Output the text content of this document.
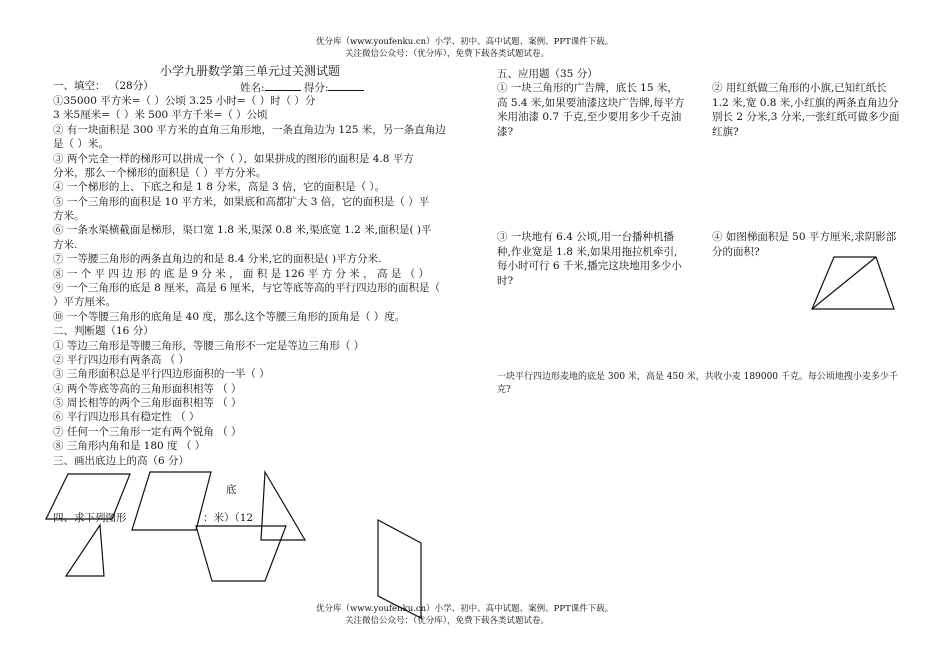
优分库（www.youfenku.cn）小学、初中、高中试题、案例、PPT课件下载。
关注微信公众号：（优分库），免费下载各类试题试卷。
小学九册数学第三单元过关测试题
一、填空： （28分）	姓名:	得分:
①35000 平方米=（ ）公顷 3.25 小时=（ ）时（ ）分
3 米5厘米=（ ）米 500 平方千米=（ ）公顷
② 有一块面积是 300 平方米的直角三角形地，一条直角边为 125 米，另一条直角边
是（ ）米。
③ 两个完全一样的梯形可以拼成一个（ ），如果拼成的图形的面积是 4.8 平方
分米，那么一个梯形的面积是（ ）平方分米。
④ 一个梯形的上、下底之和是 1 8 分米，高是 3 倍，它的面积是（ ）。
⑤ 一个三角形的面积是 10 平方米，如果底和高都扩大 3 倍，它的面积是（ ）平
方米。
⑥ 一条水渠横截面是梯形，渠口宽 1.8 米,渠深 0.8 米,渠底宽 1.2 米,面积是( )平
方米.
⑦ 一等腰三角形的两条直角边的和是 8.4 分米,它的面积是( )平方分米.
⑧ 一 个 平 四 边 形 的 底 是 9 分 米 ， 面 积 是 126 平 方 分 米 ， 高 是 （ ）
⑨ 一个三角形的底是 8 厘米，高是 6 厘米，与它等底等高的平行四边形的面积是（
）平方厘米。
⑩ 一个等腰三角形的底角是 40 度，那么这个等腰三角形的顶角是（ ）度。
二、判断题（16 分）
① 等边三角形是等腰三角形，等腰三角形不一定是等边三角形（ ）
② 平行四边形有两条高 （ ）
③ 三角形面积总是平行四边形面积的一半（ ）
④ 两个等底等高的三角形面积相等 （ ）
⑤ 周长相等的两个三角形面积相等 （ ）
⑥ 平行四边形具有稳定性 （ ）
⑦ 任何一个三角形一定有两个锐角 （ ）
⑧ 三角形内角和是 180 度 （ ）
三、画出底边上的高（6 分）
底
四、求下列图形	：米）（12
五、应用题（35 分）
① 一块三角形的广告牌，底长 15 米，高 5.4 米,如果要油漆这块广告牌,每平方米用油漆 0.7 千克,至少要用多少千克油漆?
② 用红纸做三角形的小旗,已知红纸长 1.2 米,宽 0.8 米,小红旗的两条直角边分别长 2 分米,3 分米,一张红纸可做多少面红旗?
③ 一块地有 6.4 公顷,用一台播种机播种,作业宽是 1.8 米,如果用拖拉机牵引,每小时可行 6 千米,播完这块地用多少小时?
④ 如图梯面积是 50 平方厘米,求阴影部分的面积?
一块平行四边形麦地的底是 300 米，高是 450 米，共收小麦 189000 千克。每公顷地搜小麦多少千克?
优分库（www.youfenku.cn）小学、初中、高中试题、案例、PPT课件下载。
关注微信公众号：（优分库），免费下载各类试题试卷。
